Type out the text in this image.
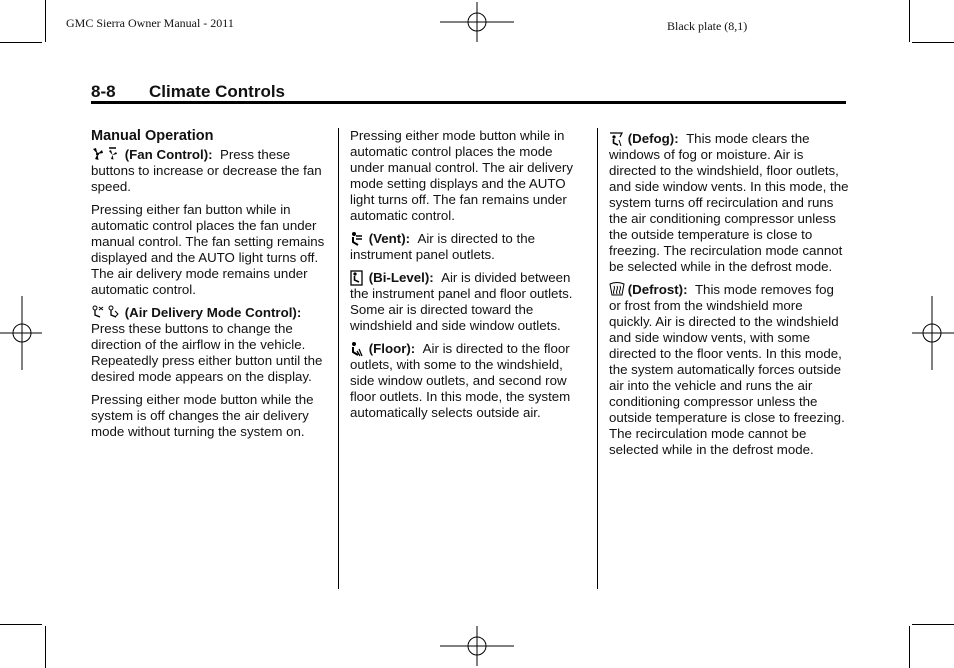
GMC Sierra Owner Manual - 2011	Black plate (8,1)
8-8 Climate Controls

Manual Operation

(Fan Control): Press these buttons to increase or decrease the fan speed.

Pressing either fan button while in automatic control places the fan under manual control. The fan setting remains displayed and the AUTO light turns off. The air delivery mode remains under automatic control.

(Air Delivery Mode Control):
Press these buttons to change the direction of the airflow in the vehicle. Repeatedly press either button until the desired mode appears on the display.

Pressing either mode button while the system is off changes the air delivery mode without turning the system on.

Pressing either mode button while in automatic control places the mode under manual control. The air delivery mode setting displays and the AUTO light turns off. The fan remains under automatic control.

(Vent): Air is directed to the instrument panel outlets.

(Bi-Level): Air is divided between the instrument panel and floor outlets. Some air is directed toward the windshield and side window outlets.

(Floor): Air is directed to the floor outlets, with some to the windshield, side window outlets, and second row floor outlets. In this mode, the system automatically selects outside air.

(Defog): This mode clears the windows of fog or moisture. Air is directed to the windshield, floor outlets, and side window vents. In this mode, the system turns off recirculation and runs the air conditioning compressor unless the outside temperature is close to freezing. The recirculation mode cannot be selected while in the defrost mode.

(Defrost): This mode removes fog or frost from the windshield more quickly. Air is directed to the windshield and side window vents, with some directed to the floor vents. In this mode, the system automatically forces outside air into the vehicle and runs the air conditioning compressor unless the outside temperature is close to freezing. The recirculation mode cannot be selected while in the defrost mode.
